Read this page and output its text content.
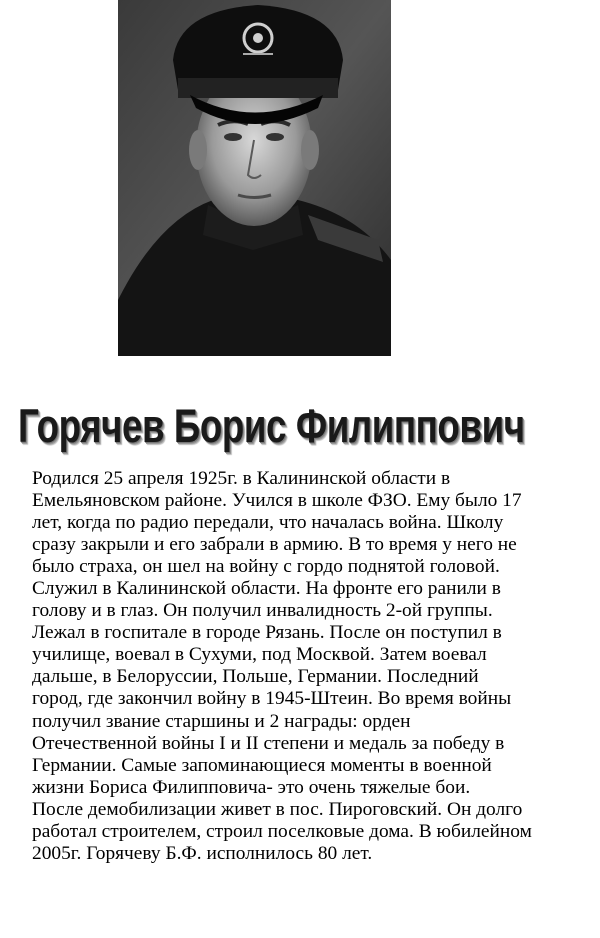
Горячев Борис Филиппович

Родился 25 апреля 1925г. в Калининской области в
Емельяновском районе. Учился в школе ФЗО. Ему было 17
лет, когда по радио передали, что началась война. Школу
сразу закрыли и его забрали в армию. В то время у него не
было страха, он шел на войну с гордо поднятой головой.
Служил в Калининской области. На фронте его ранили в
голову и в глаз. Он получил инвалидность 2-ой группы.
Лежал в госпитале в городе Рязань. После он поступил в
училище, воевал в Сухуми, под Москвой. Затем воевал
дальше, в Белоруссии, Польше, Германии. Последний
город, где закончил войну в 1945-Штеин. Во время войны
получил звание старшины и 2 награды: орден
Отечественной войны I и II степени и медаль за победу в
Германии. Самые запоминающиеся моменты в военной
жизни Бориса Филипповича- это очень тяжелые бои.
После демобилизации живет в пос. Пироговский. Он долго
работал строителем, строил поселковые дома. В юбилейном
2005г. Горячеву Б.Ф. исполнилось 80 лет.
